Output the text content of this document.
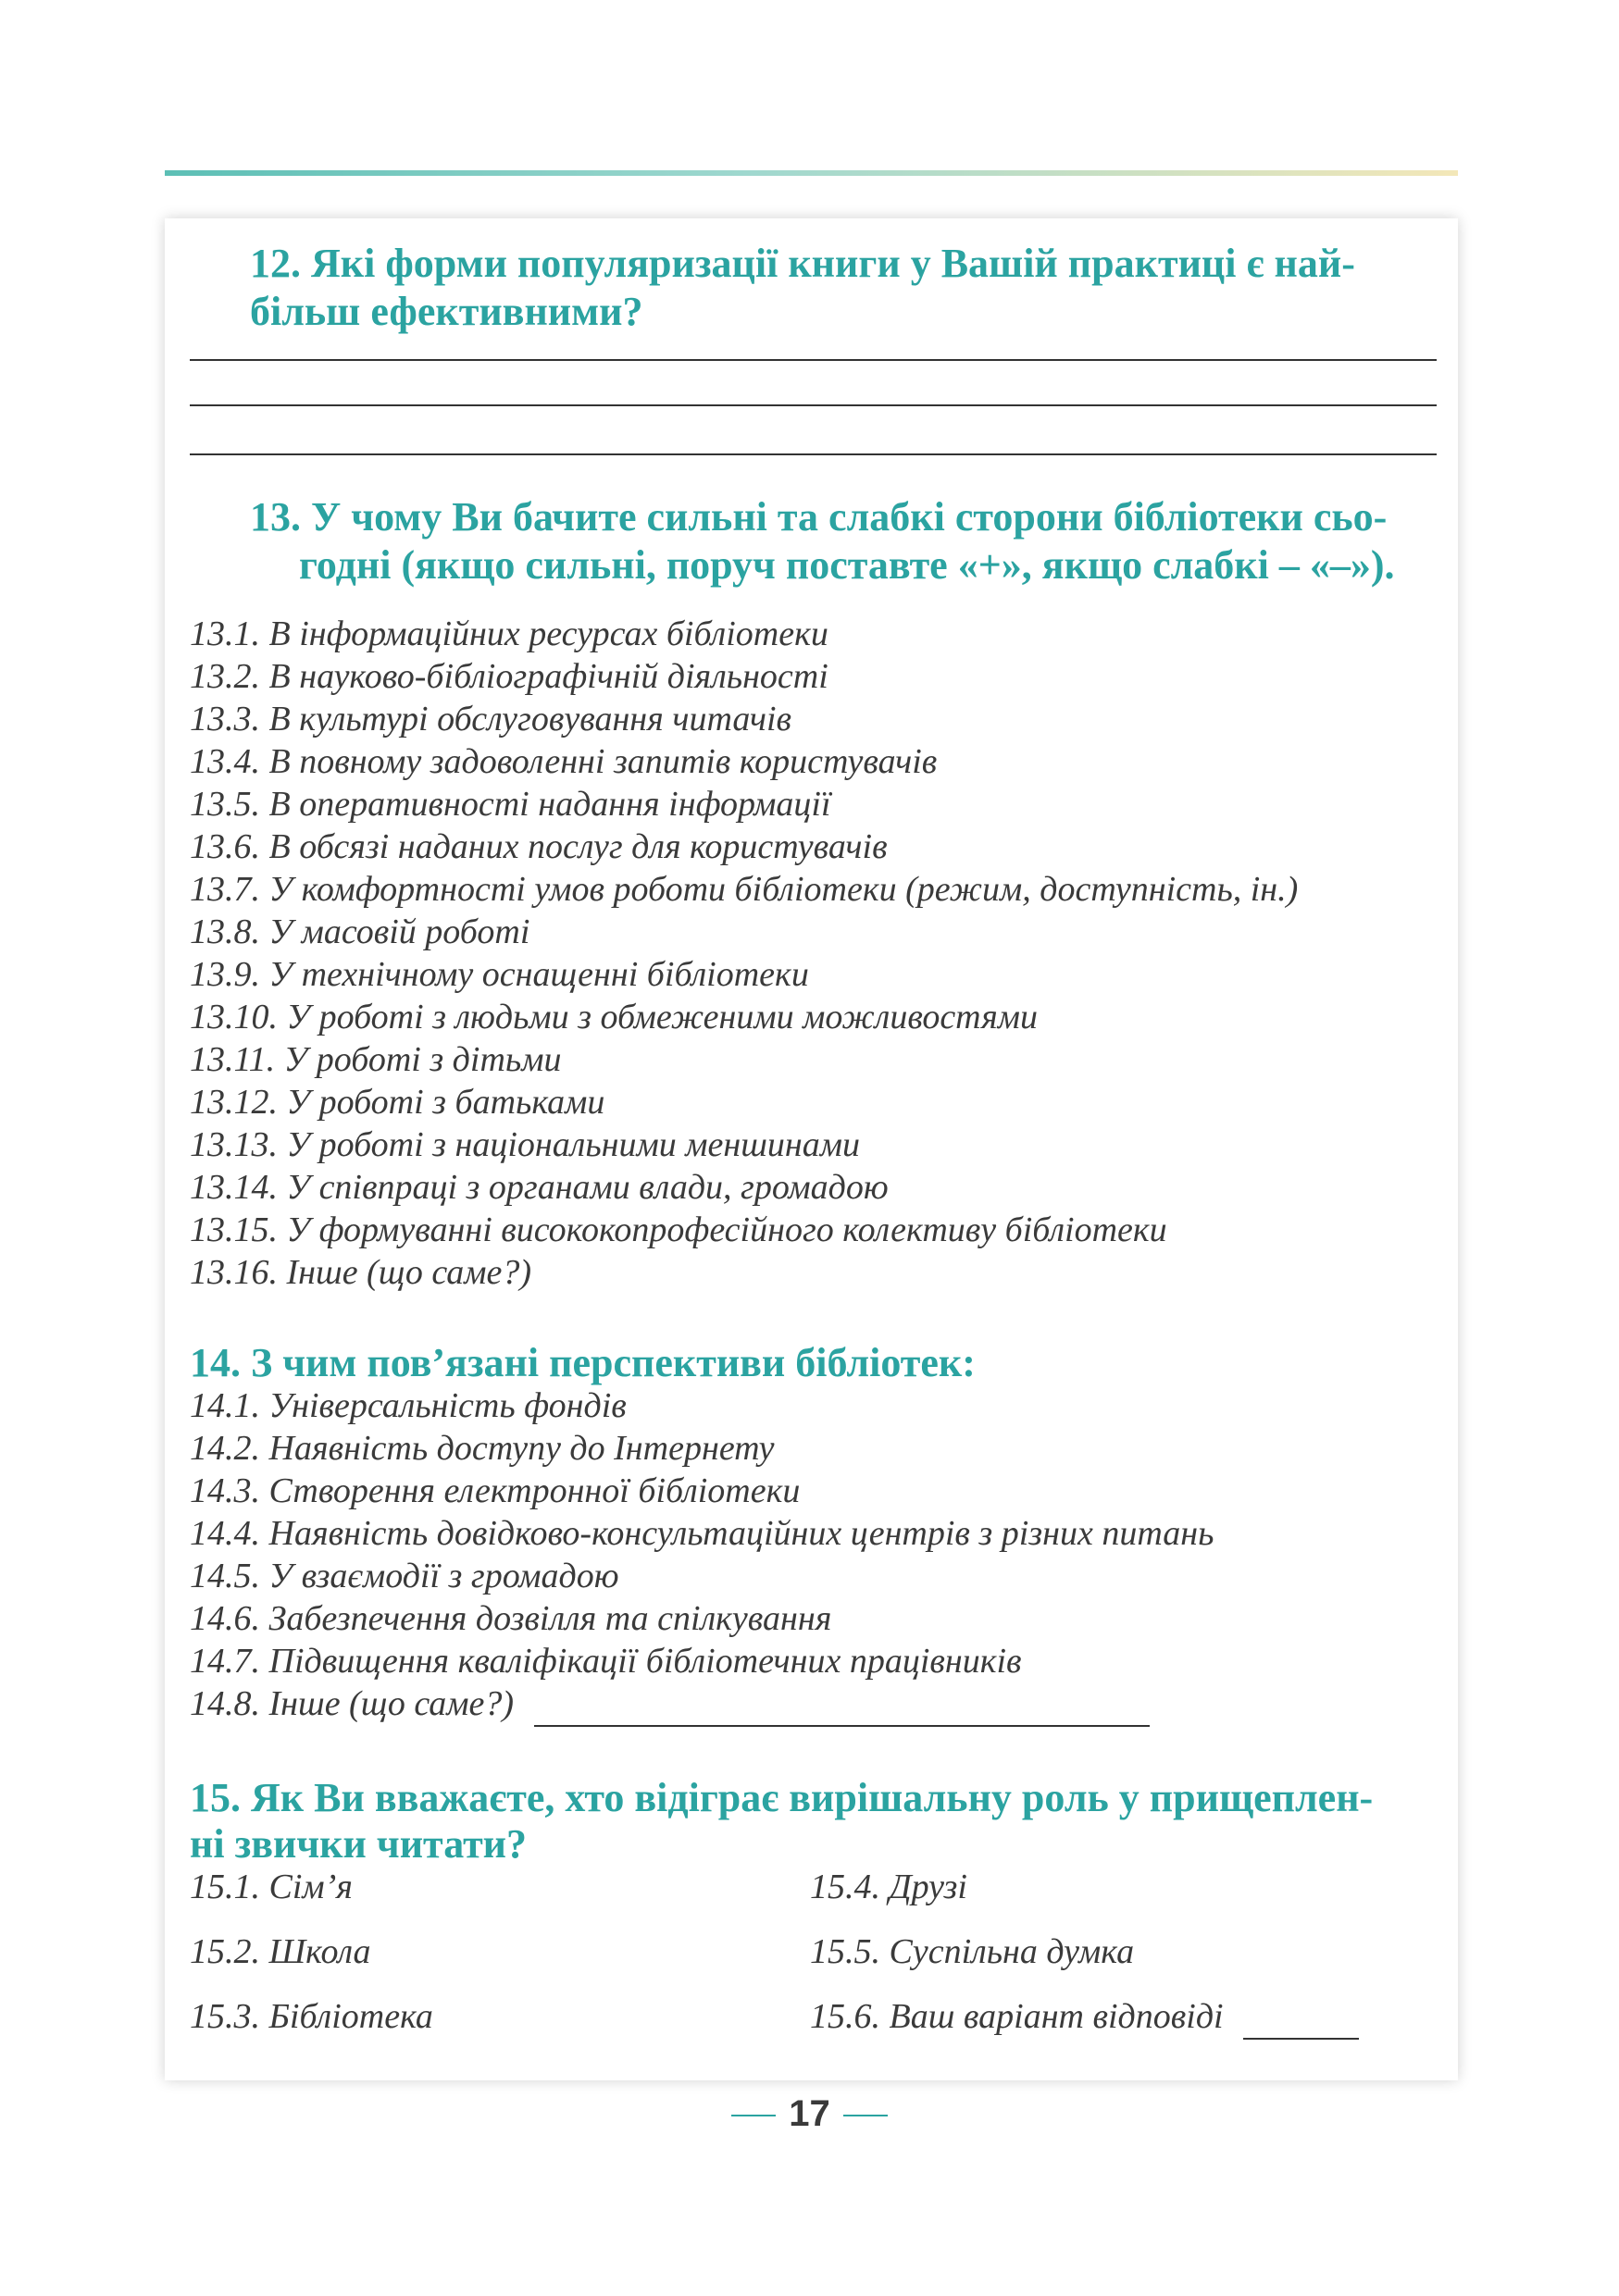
12. Які форми популяризації книги у Вашій практиці є най-
більш ефективними?
13. У чому Ви бачите сильні та слабкі сторони бібліотеки сьо-
годні (якщо сильні, поруч поставте «+», якщо слабкі – «–»).
13.1. В інформаційних ресурсах бібліотеки
13.2. В науково-бібліографічній діяльності
13.3. В культурі обслуговування читачів
13.4. В повному задоволенні запитів користувачів
13.5. В оперативності надання інформації
13.6. В обсязі наданих послуг для користувачів
13.7. У комфортності умов роботи бібліотеки (режим, доступність, ін.)
13.8. У масовій роботі
13.9. У технічному оснащенні бібліотеки
13.10. У роботі з людьми з обмеженими можливостями
13.11. У роботі з дітьми
13.12. У роботі з батьками
13.13. У роботі з національними меншинами
13.14. У співпраці з органами влади, громадою
13.15. У формуванні висококопрофесійного колективу бібліотеки
13.16. Інше (що саме?)
14. З чим пов’язані перспективи бібліотек:
14.1. Універсальність фондів
14.2. Наявність доступу до Інтернету
14.3. Створення електронної бібліотеки
14.4. Наявність довідково-консультаційних центрів з різних питань
14.5. У взаємодії з громадою
14.6. Забезпечення дозвілля та спілкування
14.7. Підвищення кваліфікації бібліотечних працівників
14.8. Інше (що саме?)
15. Як Ви вважаєте, хто відіграє вирішальну роль у прищеплен-
ні звички читати?
15.1. Сім’я
15.2. Школа
15.3. Бібліотека
15.4. Друзі
15.5. Суспільна думка
15.6. Ваш варіант відповіді
17
